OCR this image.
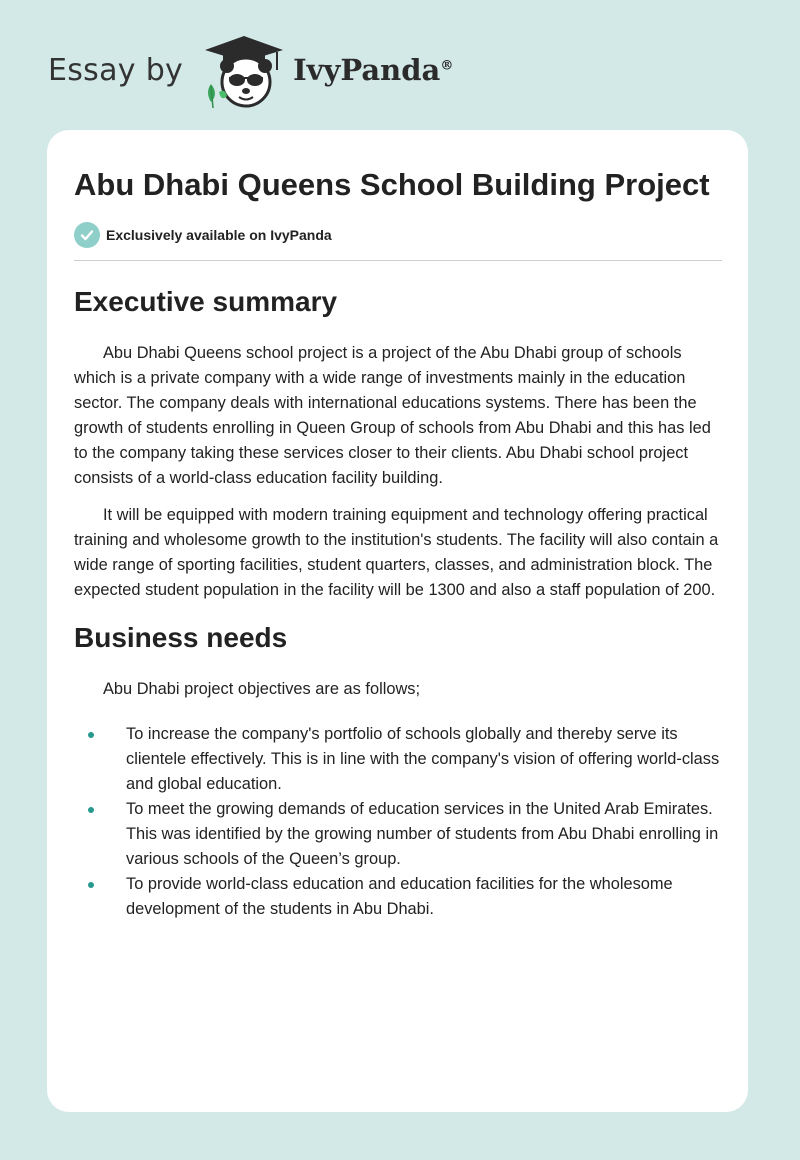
Essay by	IvyPanda®
Abu Dhabi Queens School Building Project
Exclusively available on IvyPanda
Executive summary

Abu Dhabi Queens school project is a project of the Abu Dhabi group of schools which is a private company with a wide range of investments mainly in the education sector. The company deals with international educations systems. There has been the growth of students enrolling in Queen Group of schools from Abu Dhabi and this has led to the company taking these services closer to their clients. Abu Dhabi school project consists of a world-class education facility building.

It will be equipped with modern training equipment and technology offering practical training and wholesome growth to the institution's students. The facility will also contain a wide range of sporting facilities, student quarters, classes, and administration block. The expected student population in the facility will be 1300 and also a staff population of 200.

Business needs

Abu Dhabi project objectives are as follows;

To increase the company's portfolio of schools globally and thereby serve its clientele effectively. This is in line with the company's vision of offering world-class and global education.
To meet the growing demands of education services in the United Arab Emirates. This was identified by the growing number of students from Abu Dhabi enrolling in various schools of the Queen’s group.
To provide world-class education and education facilities for the wholesome development of the students in Abu Dhabi.
